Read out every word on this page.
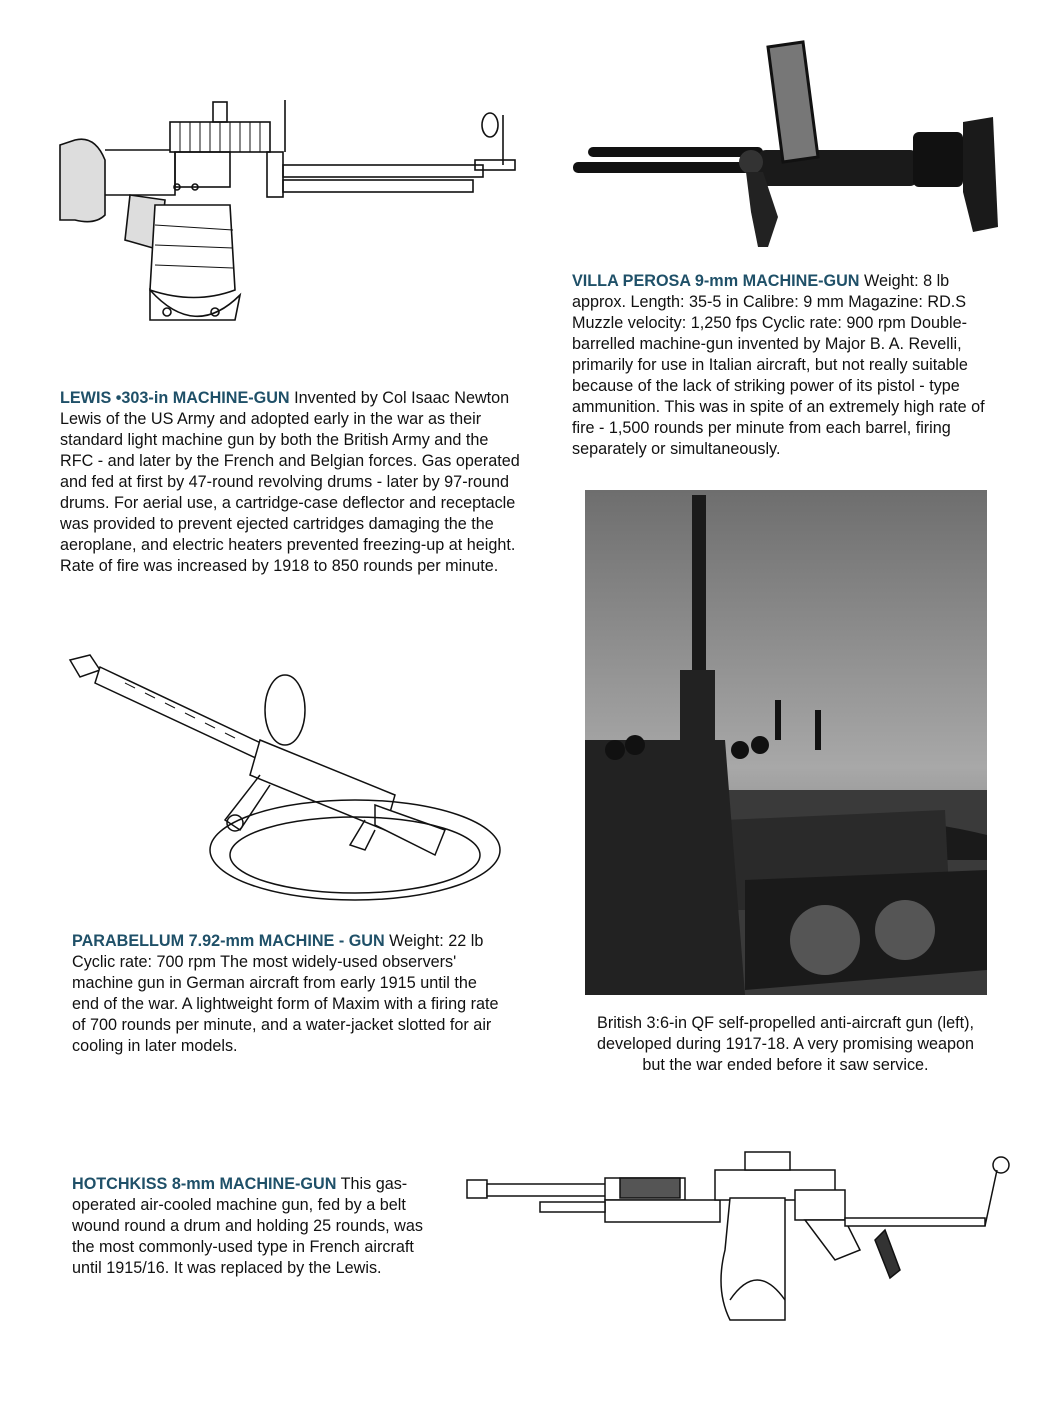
VILLA PEROSA 9-mm MACHINE-GUN Weight: 8 lb approx. Length: 35-5 in Calibre: 9 mm Magazine: RD.S Muzzle velocity: 1,250 fps Cyclic rate: 900 rpm Double-barrelled machine-gun invented by Major B. A. Revelli, primarily for use in Italian aircraft, but not really suitable because of the lack of striking power of its pistol - type ammunition. This was in spite of an extremely high rate of fire - 1,500 rounds per minute from each barrel, firing separately or simultaneously.
LEWIS •303-in MACHINE-GUN Invented by Col Isaac Newton Lewis of the US Army and adopted early in the war as their standard light machine gun by both the British Army and the RFC - and later by the French and Belgian forces. Gas operated and fed at first by 47-round revolving drums - later by 97-round drums. For aerial use, a cartridge-case deflector and receptacle was provided to prevent ejected cartridges damaging the the aeroplane, and electric heaters prevented freezing-up at height. Rate of fire was increased by 1918 to 850 rounds per minute.
PARABELLUM 7.92-mm MACHINE - GUN Weight: 22 lb Cyclic rate: 700 rpm The most widely-used observers' machine gun in German aircraft from early 1915 until the end of the war. A lightweight form of Maxim with a firing rate of 700 rounds per minute, and a water-jacket slotted for air cooling in later models.
British 3:6-in QF self-propelled anti-aircraft gun (left), developed during 1917-18. A very promising weapon but the war ended before it saw service.
HOTCHKISS 8-mm MACHINE-GUN This gas-operated air-cooled machine gun, fed by a belt wound round a drum and holding 25 rounds, was the most commonly-used type in French aircraft until 1915/16. It was replaced by the Lewis.
